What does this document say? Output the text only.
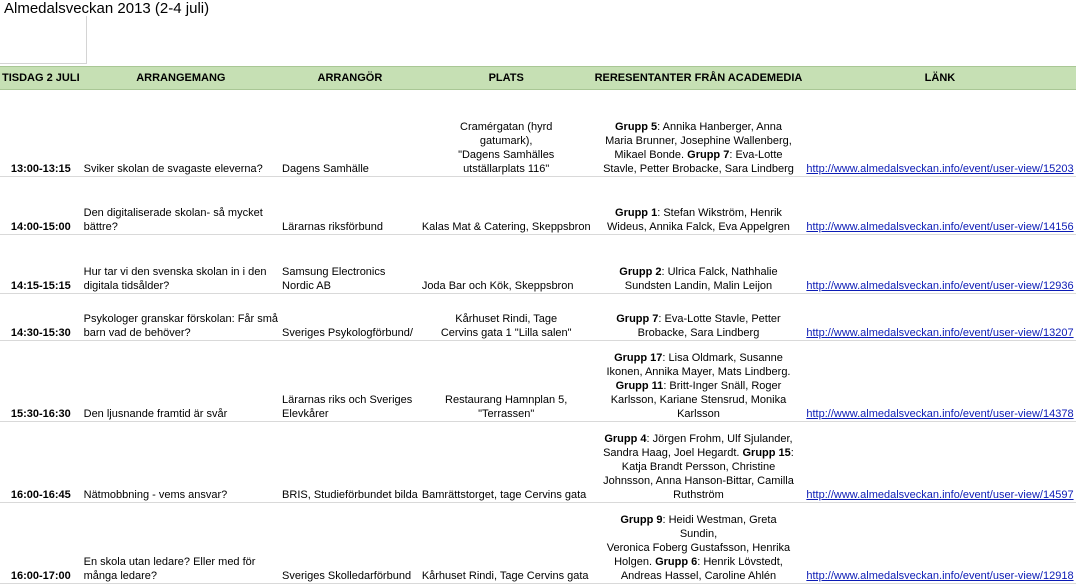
Almedalsveckan 2013 (2-4 juli)
TISDAG 2 JULI	ARRANGEMANG	ARRANGÖR	PLATS	RERESENTANTER FRÅN ACADEMEDIA	LÄNK

13:00-13:15	Sviker skolan de svagaste eleverna?	Dagens Samhälle	Cramérgatan (hyrd
gatumark),
"Dagens Samhälles
utställarplats 116"	Grupp 5: Annika Hanberger, Anna
Maria Brunner, Josephine Wallenberg,
Mikael Bonde. Grupp 7: Eva-Lotte
Stavle, Petter Brobacke, Sara Lindberg	http://www.almedalsveckan.info/event/user-view/15203

14:00-15:00	Den digitaliserade skolan- så mycket
bättre?	Lärarnas riksförbund	Kalas Mat & Catering, Skeppsbron	Grupp 1: Stefan Wikström, Henrik
Wideus, Annika Falck, Eva Appelgren	http://www.almedalsveckan.info/event/user-view/14156

14:15-15:15	Hur tar vi den svenska skolan in i den
digitala tidsålder?	Samsung Electronics
Nordic AB	Joda Bar och Kök, Skeppsbron	Grupp 2: Ulrica Falck, Nathhalie
Sundsten Landin, Malin Leijon	http://www.almedalsveckan.info/event/user-view/12936

14:30-15:30	Psykologer granskar förskolan: Får små
barn vad de behöver?	Sveriges Psykologförbund/	Kårhuset Rindi, Tage
Cervins gata 1 "Lilla salen"	Grupp 7: Eva-Lotte Stavle, Petter
Brobacke, Sara Lindberg	http://www.almedalsveckan.info/event/user-view/13207

15:30-16:30	Den ljusnande framtid är svår	Lärarnas riks och Sveriges
Elevkårer	Restaurang Hamnplan 5,
"Terrassen"	Grupp 17: Lisa Oldmark, Susanne
Ikonen, Annika Mayer, Mats Lindberg.
Grupp 11: Britt-Inger Snäll, Roger
Karlsson, Kariane Stensrud, Monika
Karlsson	http://www.almedalsveckan.info/event/user-view/14378

16:00-16:45	Nätmobbning - vems ansvar?	BRIS, Studieförbundet bilda	Bamrättstorget, tage Cervins gata	Grupp 4: Jörgen Frohm, Ulf Sjulander,
Sandra Haag, Joel Hegardt. Grupp 15:
Katja Brandt Persson, Christine
Johnsson, Anna Hanson-Bittar, Camilla
Ruthström	http://www.almedalsveckan.info/event/user-view/14597

16:00-17:00	En skola utan ledare? Eller med för
många ledare?	Sveriges Skolledarförbund	Kårhuset Rindi, Tage Cervins gata	Grupp 9: Heidi Westman, Greta
Sundin,
Veronica Foberg Gustafsson, Henrika
Holgen. Grupp 6: Henrik Lövstedt,
Andreas Hassel, Caroline Ahlén	http://www.almedalsveckan.info/event/user-view/12918
